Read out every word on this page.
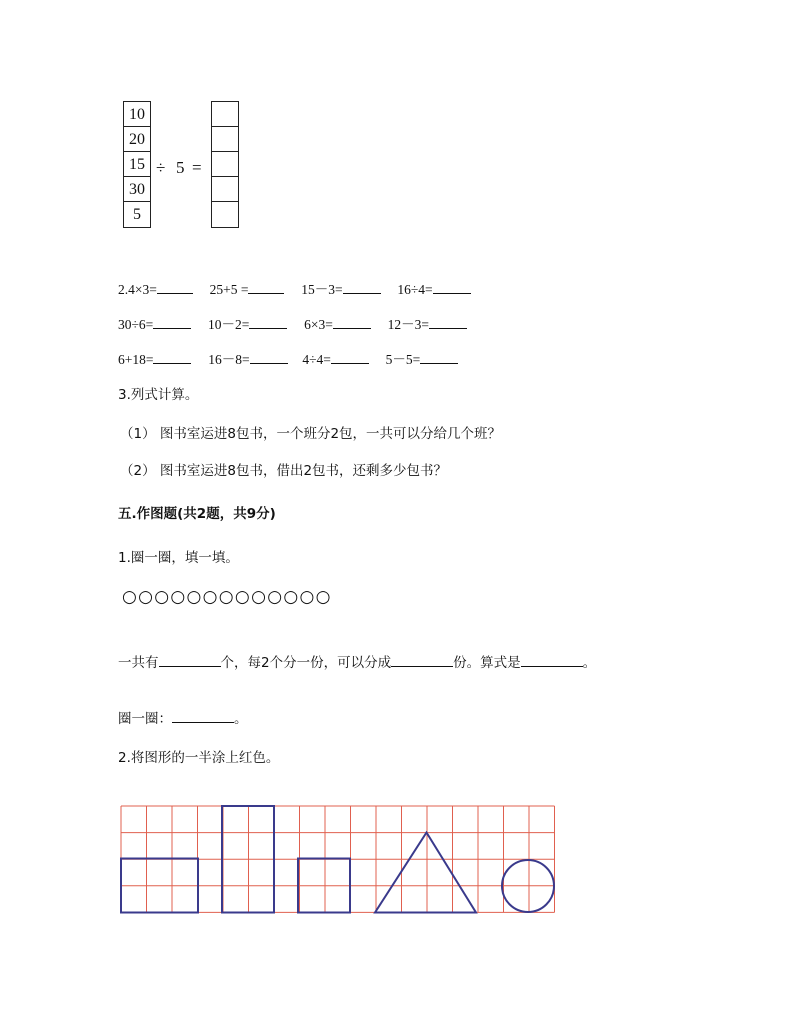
10
20
15
30
5
÷ 5 =
2.4×3=	25+5 =	15－3=	16÷4=
30÷6=	10－2=	6×3=	12－3=
6+18=	16－8=	4÷4=	5－5=
3.列式计算。
（1） 图书室运进8包书，一个班分2包，一共可以分给几个班？
（2） 图书室运进8包书，借出2包书，还剩多少包书？
五.作图题(共2题，共9分)
1.圈一圈，填一填。
○○○○○○○○○○○○○
一共有	个，每2个分一份，可以分成	份。算式是	。
圈一圈：	。
2.将图形的一半涂上红色。
